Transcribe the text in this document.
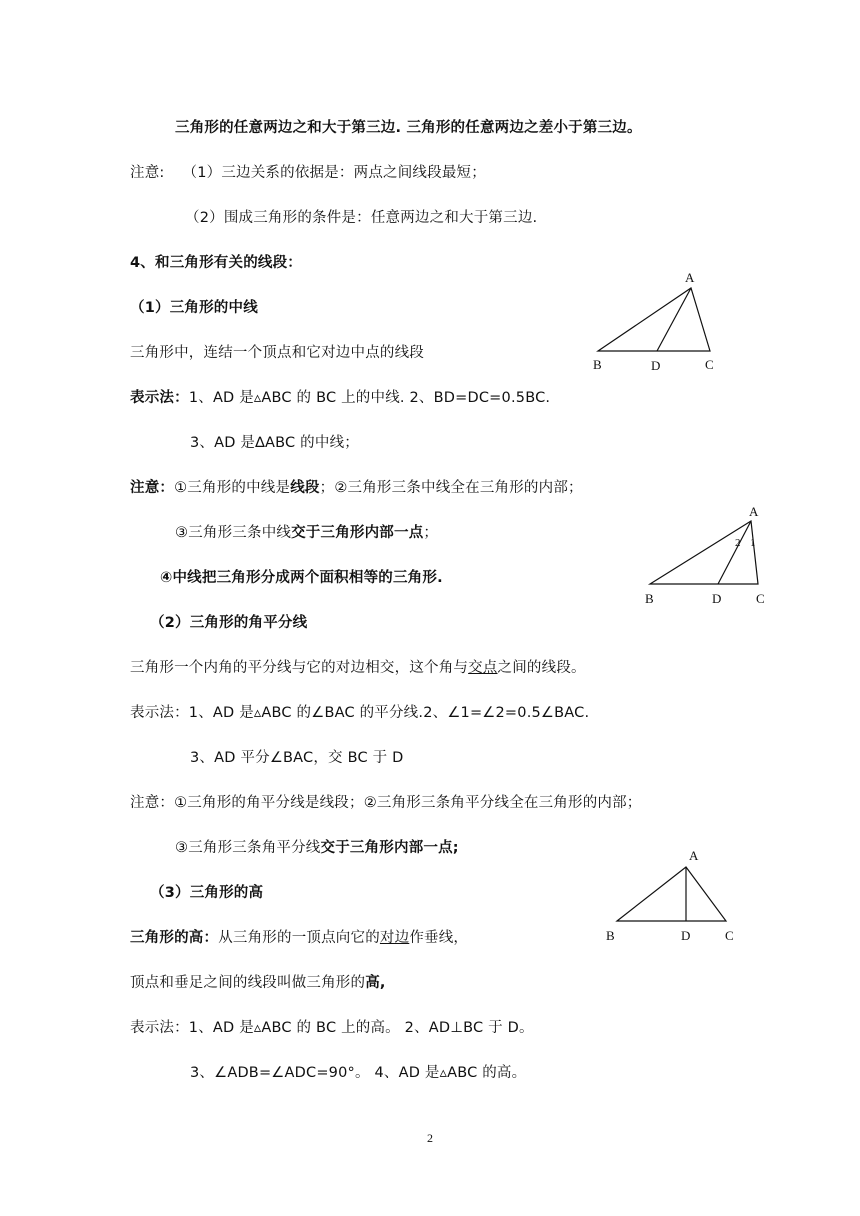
三角形的任意两边之和大于第三边. 三角形的任意两边之差小于第三边。
注意: （1）三边关系的依据是：两点之间线段最短；
（2）围成三角形的条件是：任意两边之和大于第三边.
4、和三角形有关的线段：
（1）三角形的中线
三角形中，连结一个顶点和它对边中点的线段
表示法：1、AD 是▵ABC 的 BC 上的中线. 2、BD=DC=0.5BC.
3、AD 是∆ABC 的中线；
注意：①三角形的中线是线段；②三角形三条中线全在三角形的内部；
③三角形三条中线交于三角形内部一点；
④中线把三角形分成两个面积相等的三角形.
（2）三角形的角平分线
三角形一个内角的平分线与它的对边相交，这个角与交点之间的线段。
表示法：1、AD 是▵ABC 的∠BAC 的平分线.2、∠1=∠2=0.5∠BAC.
3、AD 平分∠BAC，交 BC 于 D
注意：①三角形的角平分线是线段；②三角形三条角平分线全在三角形的内部；
③三角形三条角平分线交于三角形内部一点;
（3）三角形的高
三角形的高：从三角形的一顶点向它的对边作垂线，
顶点和垂足之间的线段叫做三角形的高,
表示法：1、AD 是▵ABC 的 BC 上的高。 2、AD⊥BC 于 D。
3、∠ADB=∠ADC=90°。 4、AD 是▵ABC 的高。
A
B	D	C
A
2 1
B	D	C
A
B	D	C
2
